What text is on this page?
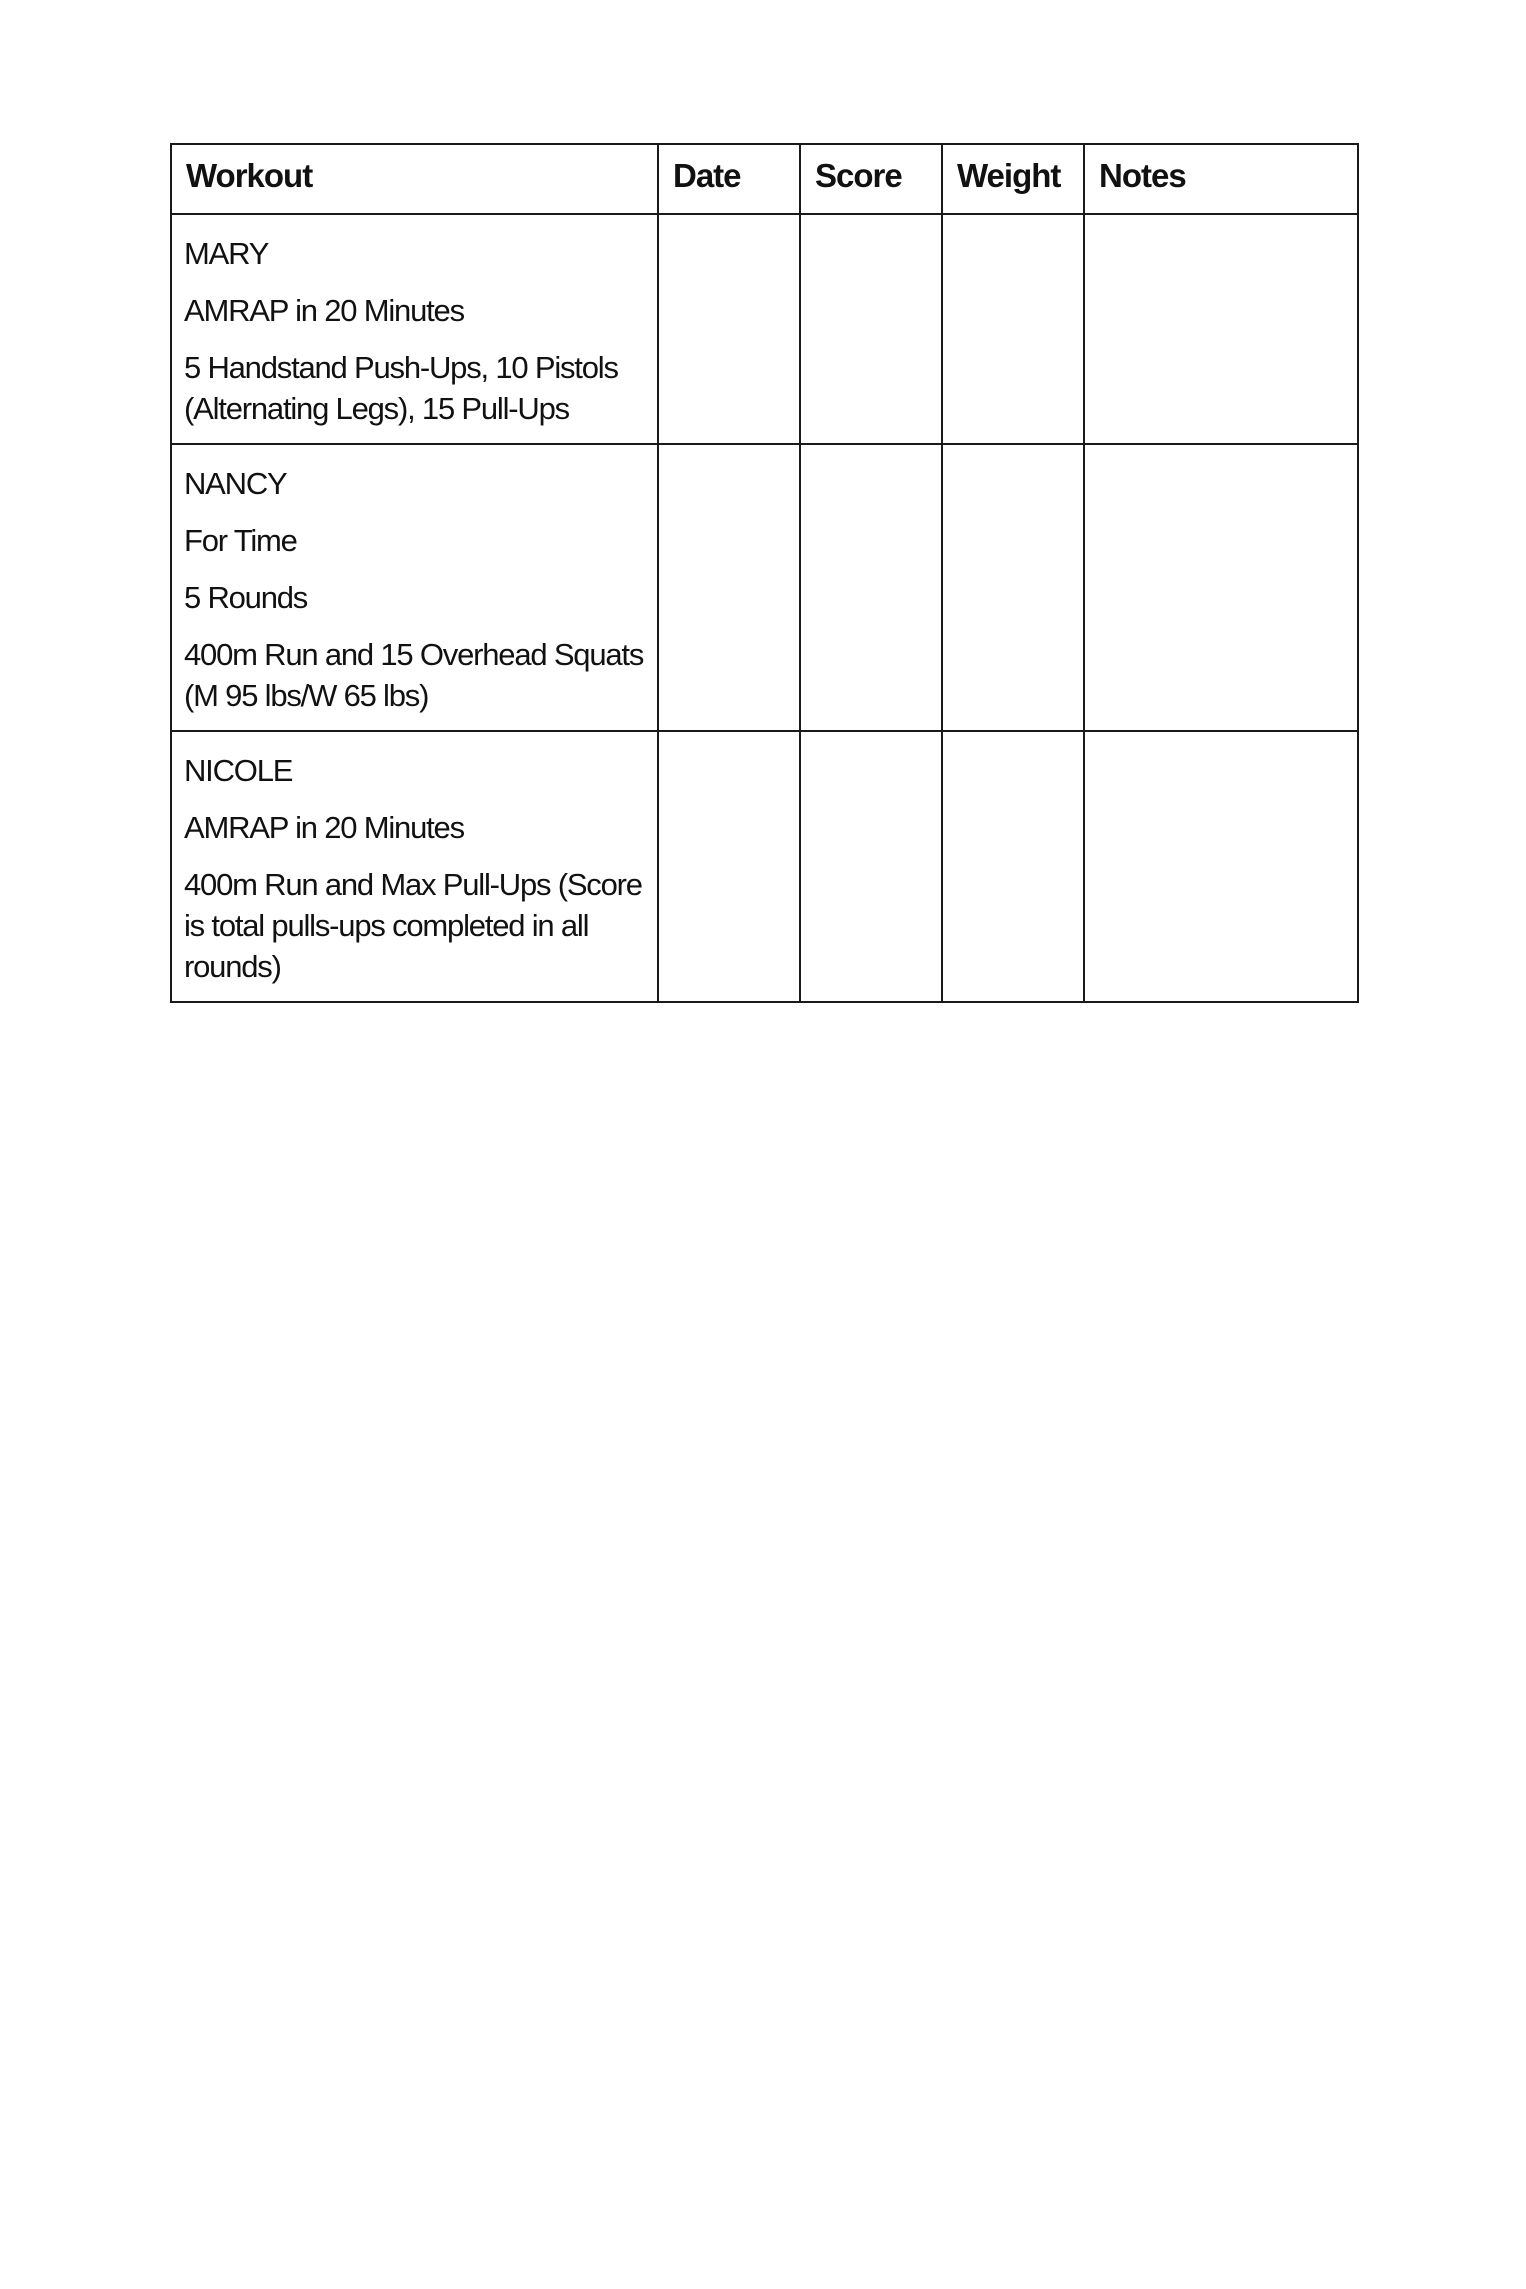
Workout	Date	Score	Weight	Notes

MARY
AMRAP in 20 Minutes
5 Handstand Push-Ups, 10 Pistols (Alternating Legs), 15 Pull-Ups				

NANCY
For Time
5 Rounds
400m Run and 15 Overhead Squats (M 95 lbs/W 65 lbs)				

NICOLE
AMRAP in 20 Minutes
400m Run and Max Pull-Ups (Score is total pulls-ups completed in all rounds)				
